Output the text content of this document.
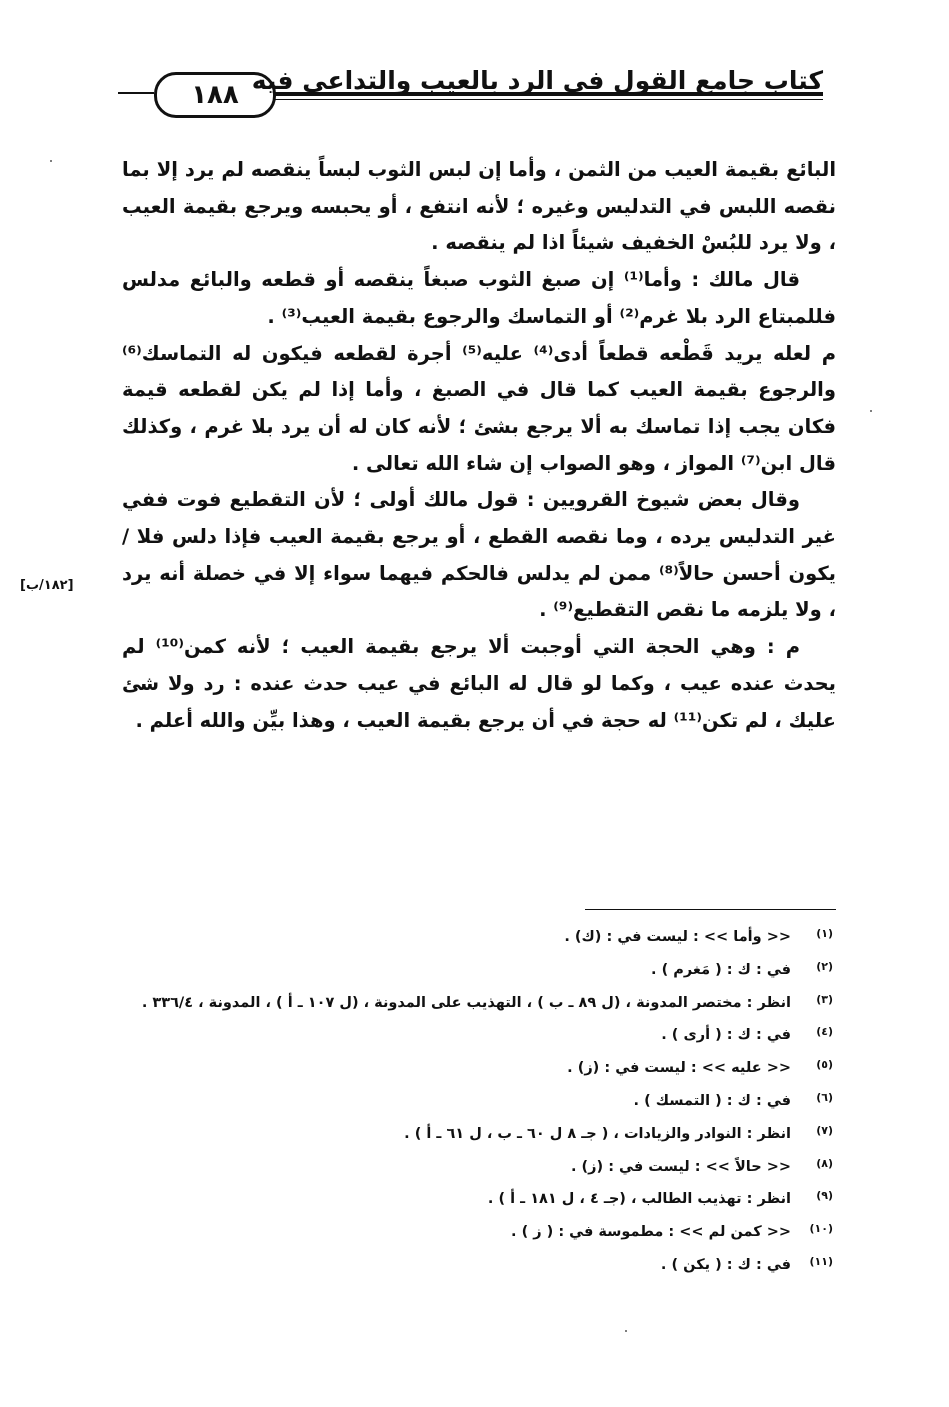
١٨٨ كتاب جامع القول في الرد بالعيب والتداعي فيه

البائع بقيمة العيب من الثمن ، وأما إن لبس الثوب لبساً ينقصه لم يرد إلا بما نقصه اللبس في التدليس وغيره ؛ لأنه انتفع ، أو يحبسه ويرجع بقيمة العيب ، ولا يرد للبُسْ الخفيف شيئاً اذا لم ينقصه .

قال مالك : وأما⁽¹⁾ إن صبغ الثوب صبغاً ينقصه أو قطعه والبائع مدلس فللمبتاع الرد بلا غرم⁽²⁾ أو التماسك والرجوع بقيمة العيب⁽³⁾ .

م لعله يريد قَطْعه قطعاً أدى⁽⁴⁾ عليه⁽⁵⁾ أجرة لقطعه فيكون له التماسك⁽⁶⁾ والرجوع بقيمة العيب كما قال في الصبغ ، وأما إذا لم يكن لقطعه قيمة فكان يجب إذا تماسك به ألا يرجع بشئ ؛ لأنه كان له أن يرد بلا غرم ، وكذلك قال ابن⁽⁷⁾ المواز ، وهو الصواب إن شاء الله تعالى .

وقال بعض شيوخ القرويين : قول مالك أولى ؛ لأن التقطيع فوت ففي غير التدليس يرده ، وما نقصه القطع ، أو يرجع بقيمة العيب فإذا دلس فلا / يكون أحسن حالاً⁽⁸⁾ ممن لم يدلس فالحكم فيهما سواء إلا في خصلة أنه يرد ، ولا يلزمه ما نقص التقطيع⁽⁹⁾ .

م : وهي الحجة التي أوجبت ألا يرجع بقيمة العيب ؛ لأنه كمن⁽¹⁰⁾ لم يحدث عنده عيب ، وكما لو قال له البائع في عيب حدث عنده : رد ولا شئ عليك ، لم تكن⁽¹¹⁾ له حجة في أن يرجع بقيمة العيب ، وهذا بيِّن والله أعلم .

[١٨٢/ب]
(١)
<< وأما >> : ليست في : (ك) .
(٢)
في : ك : ( مَغرم ) .
(٣)
انظر : مختصر المدونة ، (ل ٨٩ ـ ب ) ، التهذيب على المدونة ، (ل ١٠٧ ـ أ ) ، المدونة ، ٣٣٦/٤ .
(٤)
في : ك : ( أرى ) .
(٥)
<< عليه >> : ليست في : (ز) .
(٦)
في : ك : ( التمسك ) .
(٧)
انظر : النوادر والزيادات ، ( جـ ٨ ل ٦٠ ـ ب ، ل ٦١ ـ أ ) .
(٨)
<< حالاً >> : ليست في : (ز) .
(٩)
انظر : تهذيب الطالب ، (جـ ٤ ، ل ١٨١ ـ أ ) .
(١٠)
<< كمن لم >> : مطموسة في : ( ز ) .
(١١)
في : ك : ( يكن ) .
